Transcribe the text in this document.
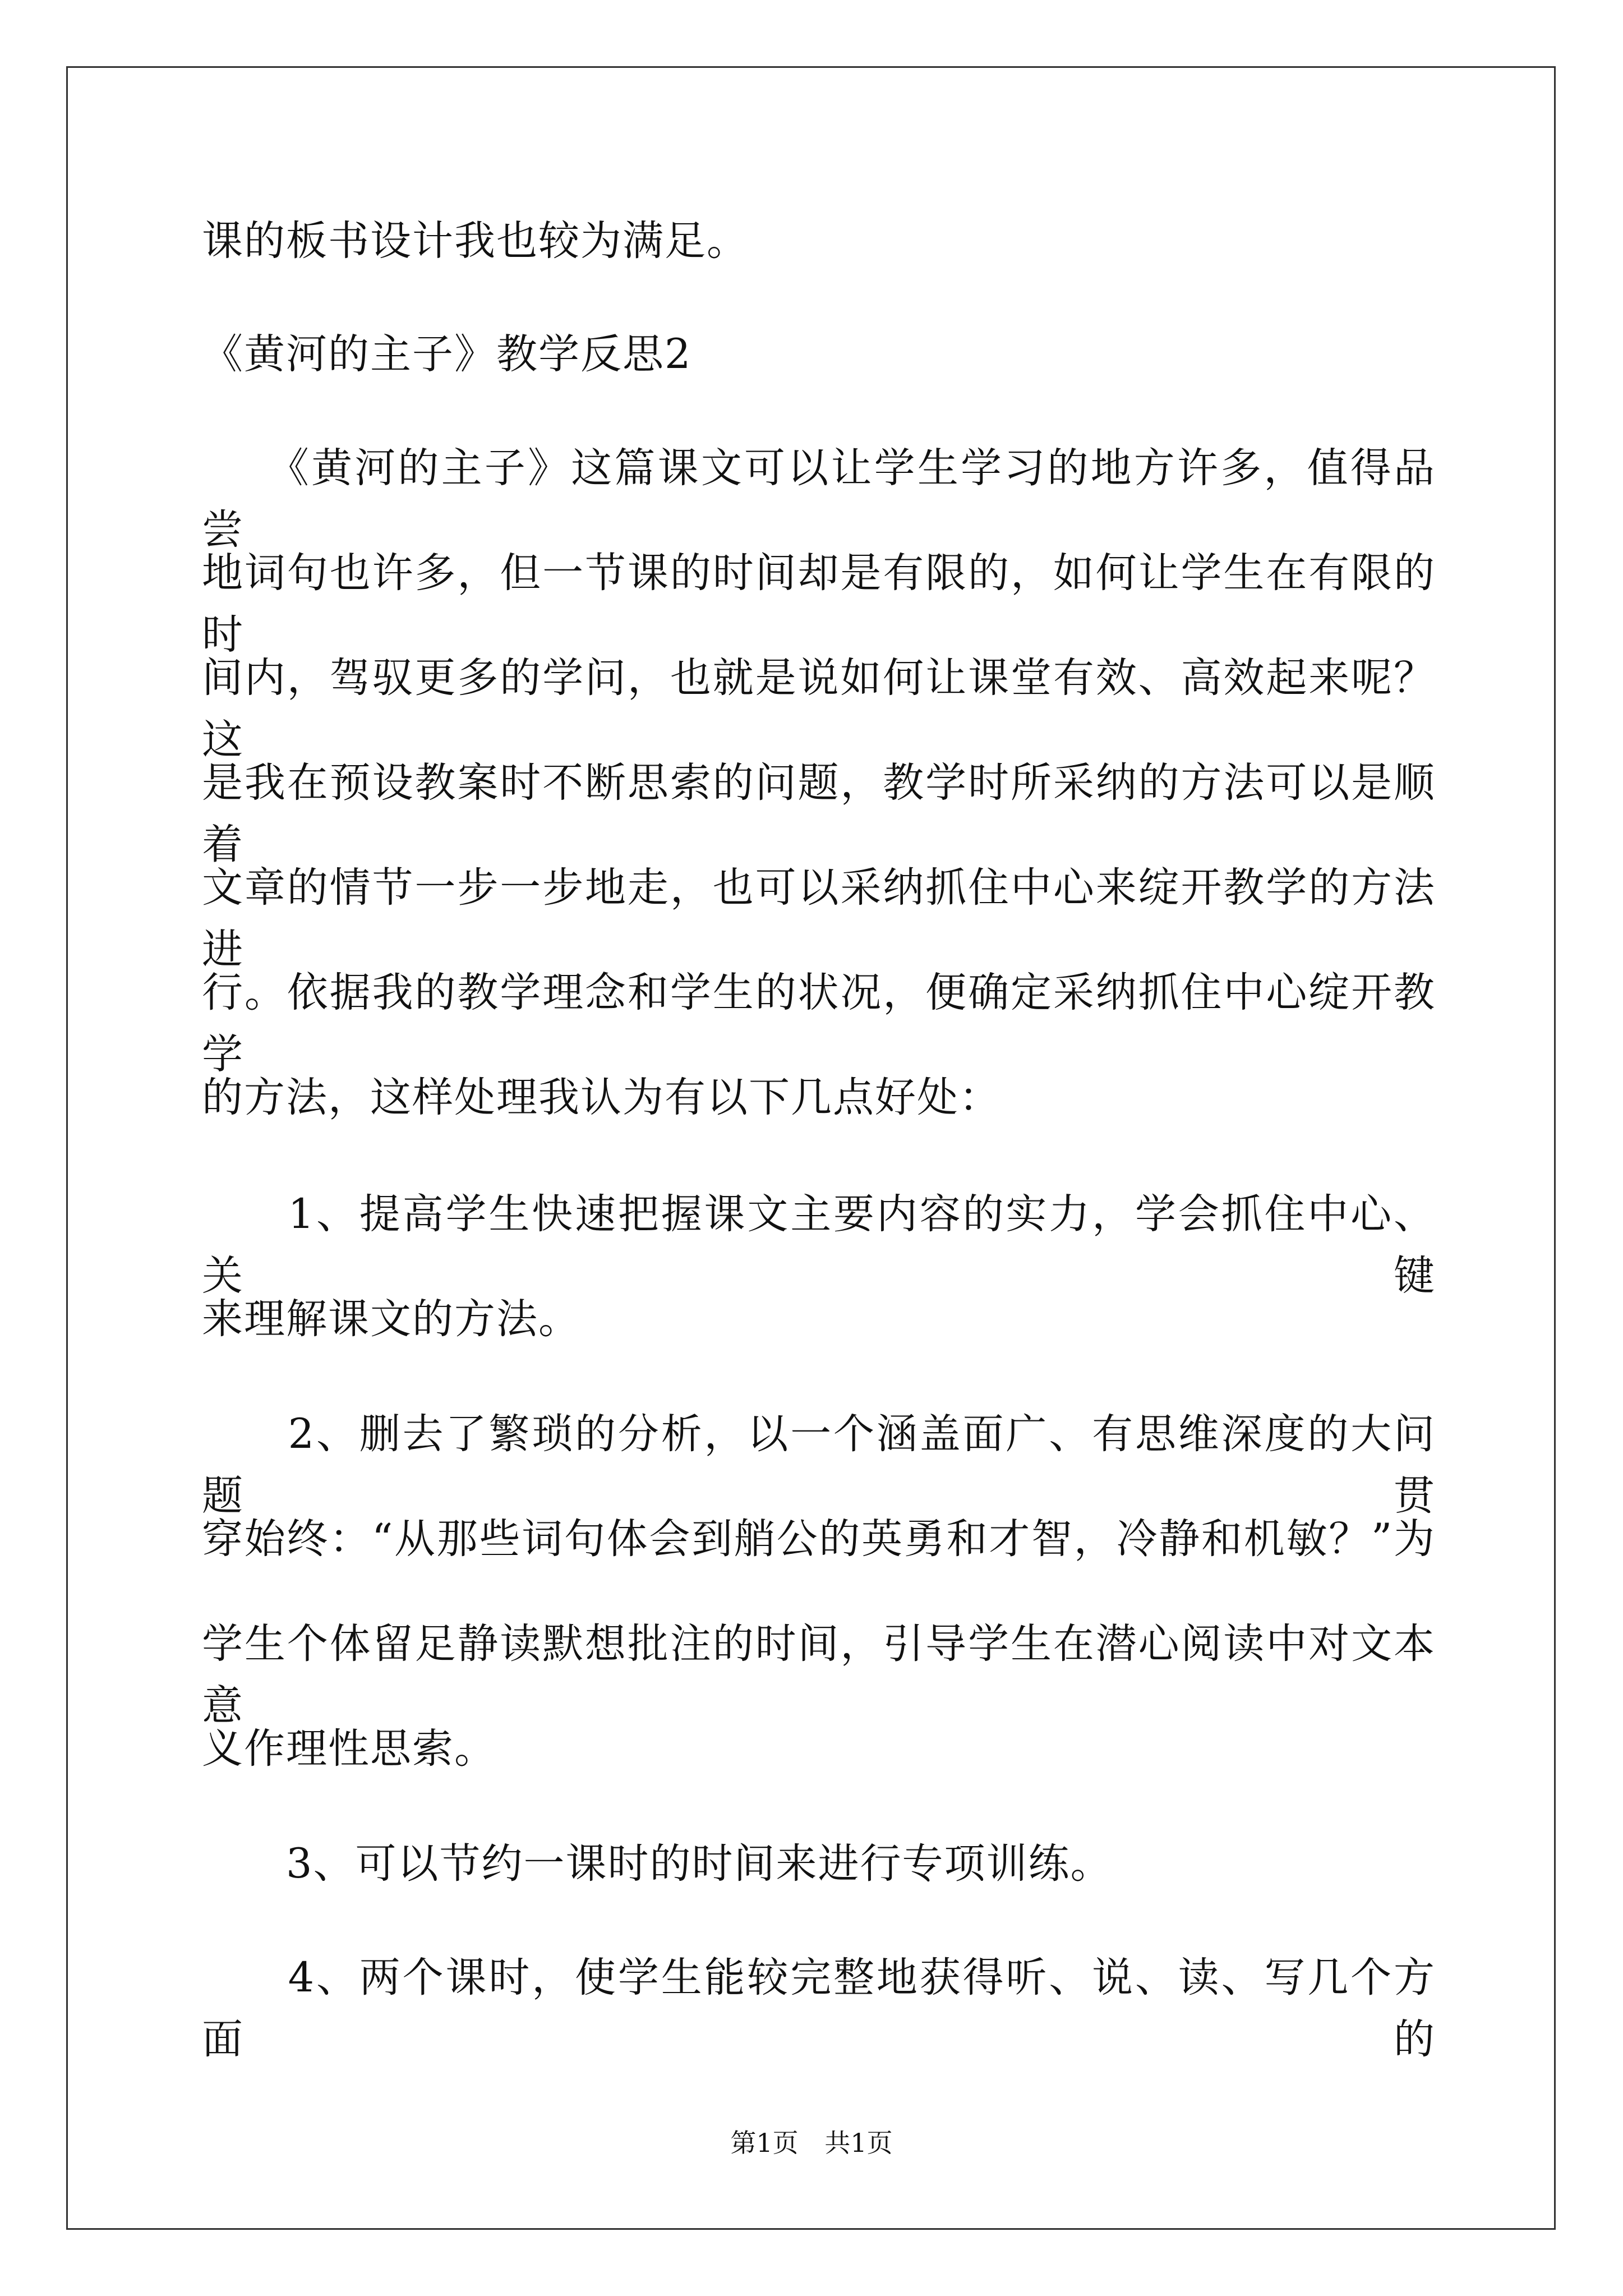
课的板书设计我也较为满足。
《黄河的主子》教学反思2
　　《黄河的主子》这篇课文可以让学生学习的地方许多，值得品尝
地词句也许多，但一节课的时间却是有限的，如何让学生在有限的时
间内，驾驭更多的学问，也就是说如何让课堂有效、高效起来呢？这
是我在预设教案时不断思索的问题，教学时所采纳的方法可以是顺着
文章的情节一步一步地走，也可以采纳抓住中心来绽开教学的方法进
行。依据我的教学理念和学生的状况，便确定采纳抓住中心绽开教学
的方法，这样处理我认为有以下几点好处：
　　1、提高学生快速把握课文主要内容的实力，学会抓住中心、关键
来理解课文的方法。
　　2、删去了繁琐的分析，以一个涵盖面广、有思维深度的大问题贯
穿始终：“从那些词句体会到艄公的英勇和才智，冷静和机敏？”为
学生个体留足静读默想批注的时间，引导学生在潜心阅读中对文本意
义作理性思索。
　　3、可以节约一课时的时间来进行专项训练。
　　4、两个课时，使学生能较完整地获得听、说、读、写几个方面的
第1页 共1页
